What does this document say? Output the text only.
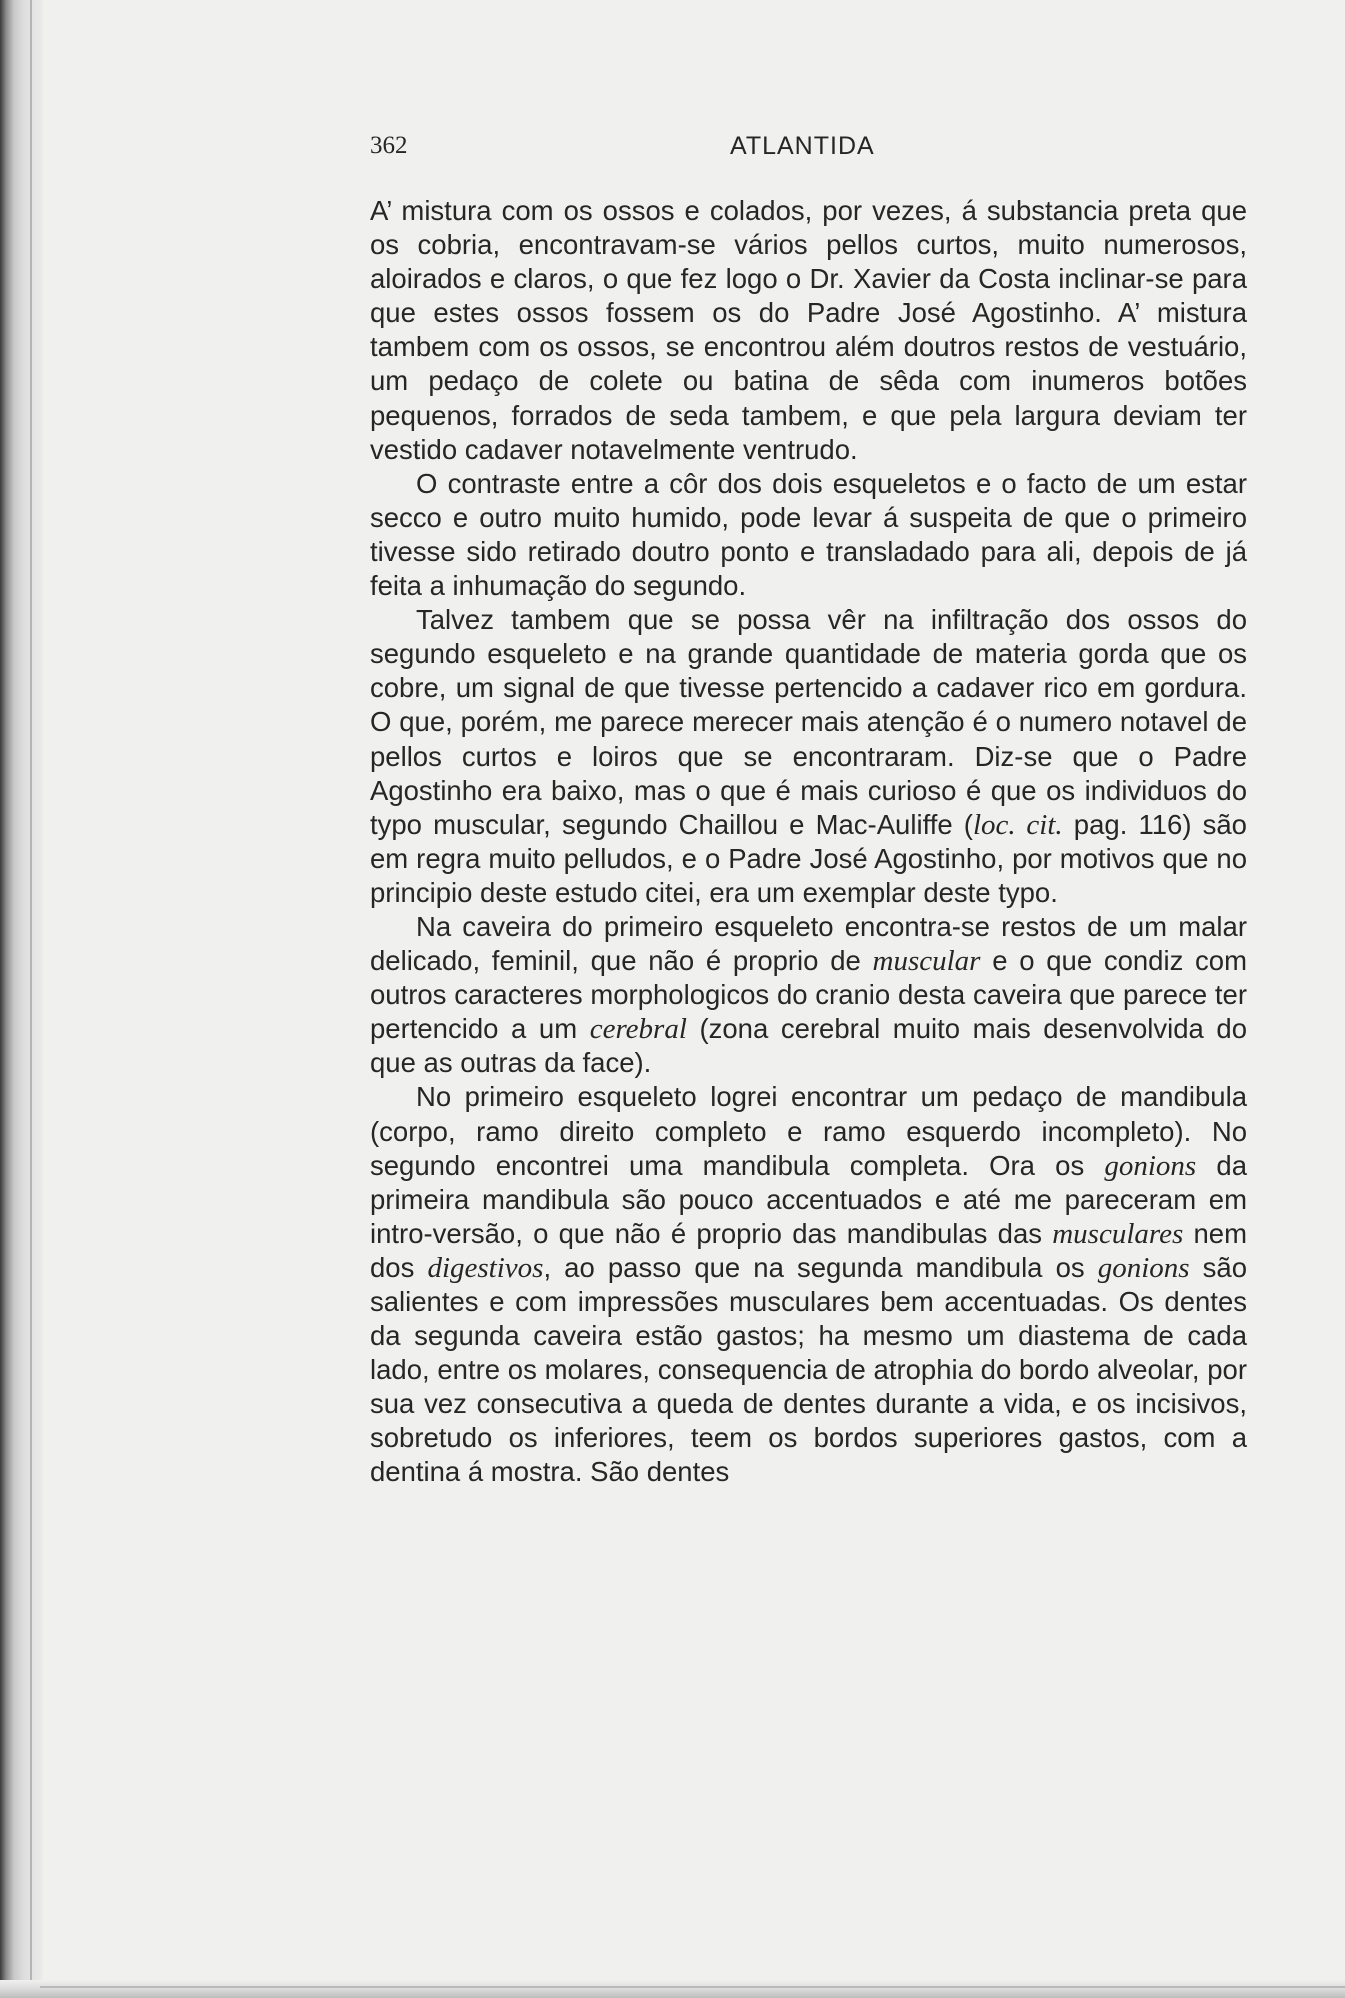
362	ATLANTIDA

A’ mistura com os ossos e colados, por vezes, á substancia preta que os cobria, encontravam-se vários pellos curtos, muito numerosos, aloirados e claros, o que fez logo o Dr. Xavier da Costa inclinar-se para que estes ossos fossem os do Padre José Agostinho. A’ mistura tambem com os ossos, se encontrou além doutros restos de vestuário, um pedaço de colete ou batina de sêda com inumeros botões pequenos, forrados de seda tambem, e que pela largura deviam ter vestido cadaver notavelmente ventrudo.

O contraste entre a côr dos dois esqueletos e o facto de um estar secco e outro muito humido, pode levar á suspeita de que o primeiro tivesse sido retirado doutro ponto e transladado para ali, depois de já feita a inhumação do segundo.

Talvez tambem que se possa vêr na infiltração dos ossos do segundo esqueleto e na grande quantidade de materia gorda que os cobre, um signal de que tivesse pertencido a cadaver rico em gordura. O que, porém, me parece merecer mais atenção é o numero notavel de pellos curtos e loiros que se encontraram. Diz-se que o Padre Agostinho era baixo, mas o que é mais curioso é que os individuos do typo muscular, segundo Chaillou e Mac-Auliffe (loc. cit. pag. 116) são em regra muito pelludos, e o Padre José Agostinho, por motivos que no principio deste estudo citei, era um exemplar deste typo.

Na caveira do primeiro esqueleto encontra-se restos de um malar delicado, feminil, que não é proprio de muscular e o que condiz com outros caracteres morphologicos do cranio desta caveira que parece ter pertencido a um cerebral (zona cerebral muito mais desenvolvida do que as outras da face).

No primeiro esqueleto logrei encontrar um pedaço de mandibula (corpo, ramo direito completo e ramo esquerdo incompleto). No segundo encontrei uma mandibula completa. Ora os gonions da primeira mandibula são pouco accentuados e até me pareceram em intro-versão, o que não é proprio das mandibulas das musculares nem dos digestivos, ao passo que na segunda mandibula os gonions são salientes e com impressões musculares bem accentuadas. Os dentes da segunda caveira estão gastos; ha mesmo um diastema de cada lado, entre os molares, consequencia de atrophia do bordo alveolar, por sua vez consecutiva a queda de dentes durante a vida, e os incisivos, sobretudo os inferiores, teem os bordos superiores gastos, com a dentina á mostra. São dentes
